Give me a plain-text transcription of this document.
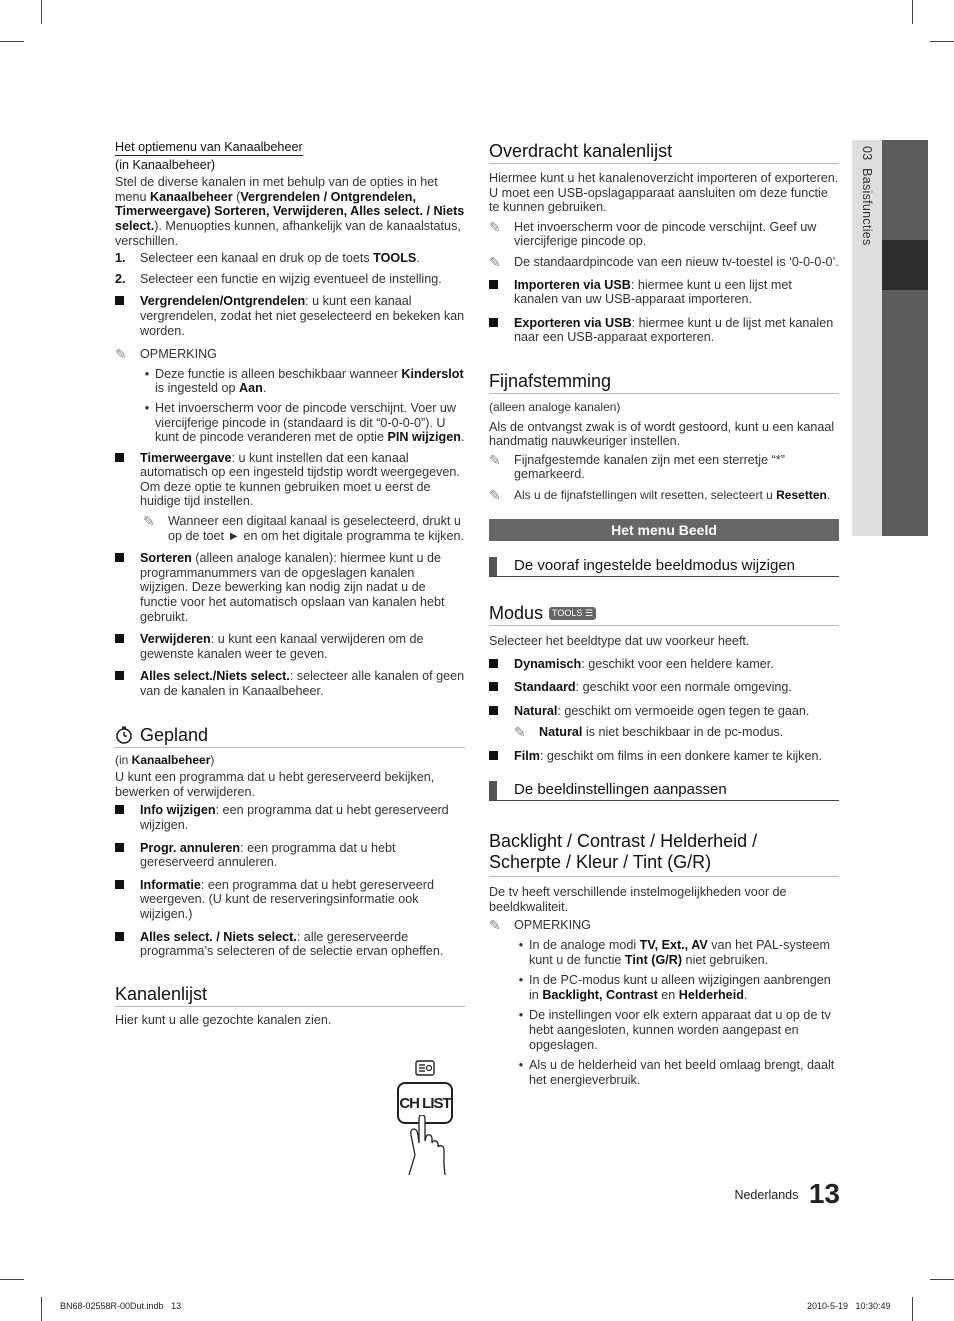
03  Basisfuncties
Het optiemenu van Kanaalbeheer
(in Kanaalbeheer)

Stel de diverse kanalen in met behulp van de opties in het menu Kanaalbeheer (Vergrendelen / Ontgrendelen, Timerweergave) Sorteren, Verwijderen, Alles select. / Niets select.). Menuopties kunnen, afhankelijk van de kanaalstatus, verschillen.

1.	Selecteer een kanaal en druk op de toets TOOLS.
2.	Selecteer een functie en wijzig eventueel de instelling.
Vergrendelen/Ontgrendelen: u kunt een kanaal vergrendelen, zodat het niet geselecteerd en bekeken kan worden.
✎	OPMERKING
• Deze functie is alleen beschikbaar wanneer Kinderslot is ingesteld op Aan.
• Het invoerscherm voor de pincode verschijnt. Voer uw viercijferige pincode in (standaard is dit “0-0-0-0”). U kunt de pincode veranderen met de optie PIN wijzigen.
Timerweergave: u kunt instellen dat een kanaal automatisch op een ingesteld tijdstip wordt weergegeven. Om deze optie te kunnen gebruiken moet u eerst de huidige tijd instellen.
✎	Wanneer een digitaal kanaal is geselecteerd, drukt u op de toet ► en om het digitale programma te kijken.
Sorteren (alleen analoge kanalen): hiermee kunt u de programmanummers van de opgeslagen kanalen wijzigen. Deze bewerking kan nodig zijn nadat u de functie voor het automatisch opslaan van kanalen hebt gebruikt.
Verwijderen: u kunt een kanaal verwijderen om de gewenste kanalen weer te geven.
Alles select./Niets select.: selecteer alle kanalen of geen van de kanalen in Kanaalbeheer.
Gepland

(in Kanaalbeheer)

U kunt een programma dat u hebt gereserveerd bekijken, bewerken of verwijderen.

Info wijzigen: een programma dat u hebt gereserveerd wijzigen.
Progr. annuleren: een programma dat u hebt gereserveerd annuleren.
Informatie: een programma dat u hebt gereserveerd weergeven. (U kunt de reserveringsinformatie ook wijzigen.)
Alles select. / Niets select.: alle gereserveerde programma’s selecteren of de selectie ervan opheffen.
Kanalenlijst

Hier kunt u alle gezochte kanalen zien.

CH LIST
Overdracht kanalenlijst

Hiermee kunt u het kanalenoverzicht importeren of exporteren. U moet een USB-opslagapparaat aansluiten om deze functie te kunnen gebruiken.

✎	Het invoerscherm voor de pincode verschijnt. Geef uw viercijferige pincode op.
✎	De standaardpincode van een nieuw tv-toestel is ‘0-0-0-0’.
Importeren via USB: hiermee kunt u een lijst met kanalen van uw USB-apparaat importeren.
Exporteren via USB: hiermee kunt u de lijst met kanalen naar een USB-apparaat exporteren.
Fijnafstemming

(alleen analoge kanalen)

Als de ontvangst zwak is of wordt gestoord, kunt u een kanaal handmatig nauwkeuriger instellen.

✎	Fijnafgestemde kanalen zijn met een sterretje “*” gemarkeerd.
✎	Als u de fijnafstellingen wilt resetten, selecteert u Resetten.
Het menu Beeld
De vooraf ingestelde beeldmodus wijzigen
Modus TOOLS ☰

Selecteer het beeldtype dat uw voorkeur heeft.

Dynamisch: geschikt voor een heldere kamer.
Standaard: geschikt voor een normale omgeving.
Natural: geschikt om vermoeide ogen tegen te gaan.
✎	Natural is niet beschikbaar in de pc-modus.
Film: geschikt om films in een donkere kamer te kijken.
De beeldinstellingen aanpassen
Backlight / Contrast / Helderheid /
Scherpte / Kleur / Tint (G/R)

De tv heeft verschillende instelmogelijkheden voor de beeldkwaliteit.

✎	OPMERKING
• In de analoge modi TV, Ext., AV van het PAL-systeem kunt u de functie Tint (G/R) niet gebruiken.
• In de PC-modus kunt u alleen wijzigingen aanbrengen in Backlight, Contrast en Helderheid.
• De instellingen voor elk extern apparaat dat u op de tv hebt aangesloten, kunnen worden aangepast en opgeslagen.
• Als u de helderheid van het beeld omlaag brengt, daalt het energieverbruik.
$^{Nederlands}$ 13
BN68-02558R-00Dut.indb   13	2010-5-19   10:30:49
